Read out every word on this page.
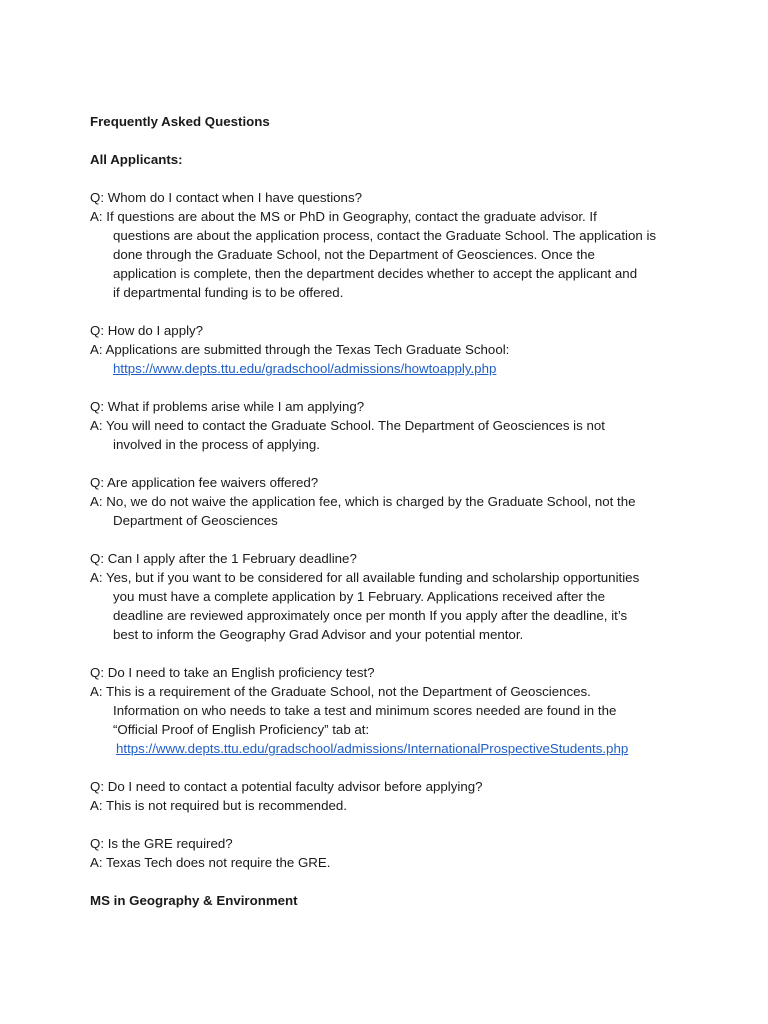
Frequently Asked Questions
All Applicants:
Q: Whom do I contact when I have questions?
A: If questions are about the MS or PhD in Geography, contact the graduate advisor. If
questions are about the application process, contact the Graduate School. The application is
done through the Graduate School, not the Department of Geosciences. Once the
application is complete, then the department decides whether to accept the applicant and
if departmental funding is to be offered.
Q: How do I apply?
A: Applications are submitted through the Texas Tech Graduate School:
https://www.depts.ttu.edu/gradschool/admissions/howtoapply.php
Q: What if problems arise while I am applying?
A: You will need to contact the Graduate School. The Department of Geosciences is not
involved in the process of applying.
Q: Are application fee waivers offered?
A: No, we do not waive the application fee, which is charged by the Graduate School, not the
Department of Geosciences
Q: Can I apply after the 1 February deadline?
A: Yes, but if you want to be considered for all available funding and scholarship opportunities
you must have a complete application by 1 February. Applications received after the
deadline are reviewed approximately once per month If you apply after the deadline, it’s
best to inform the Geography Grad Advisor and your potential mentor.
Q: Do I need to take an English proficiency test?
A: This is a requirement of the Graduate School, not the Department of Geosciences.
Information on who needs to take a test and minimum scores needed are found in the
“Official Proof of English Proficiency” tab at:
https://www.depts.ttu.edu/gradschool/admissions/InternationalProspectiveStudents.php
Q: Do I need to contact a potential faculty advisor before applying?
A: This is not required but is recommended.
Q: Is the GRE required?
A: Texas Tech does not require the GRE.
MS in Geography & Environment
